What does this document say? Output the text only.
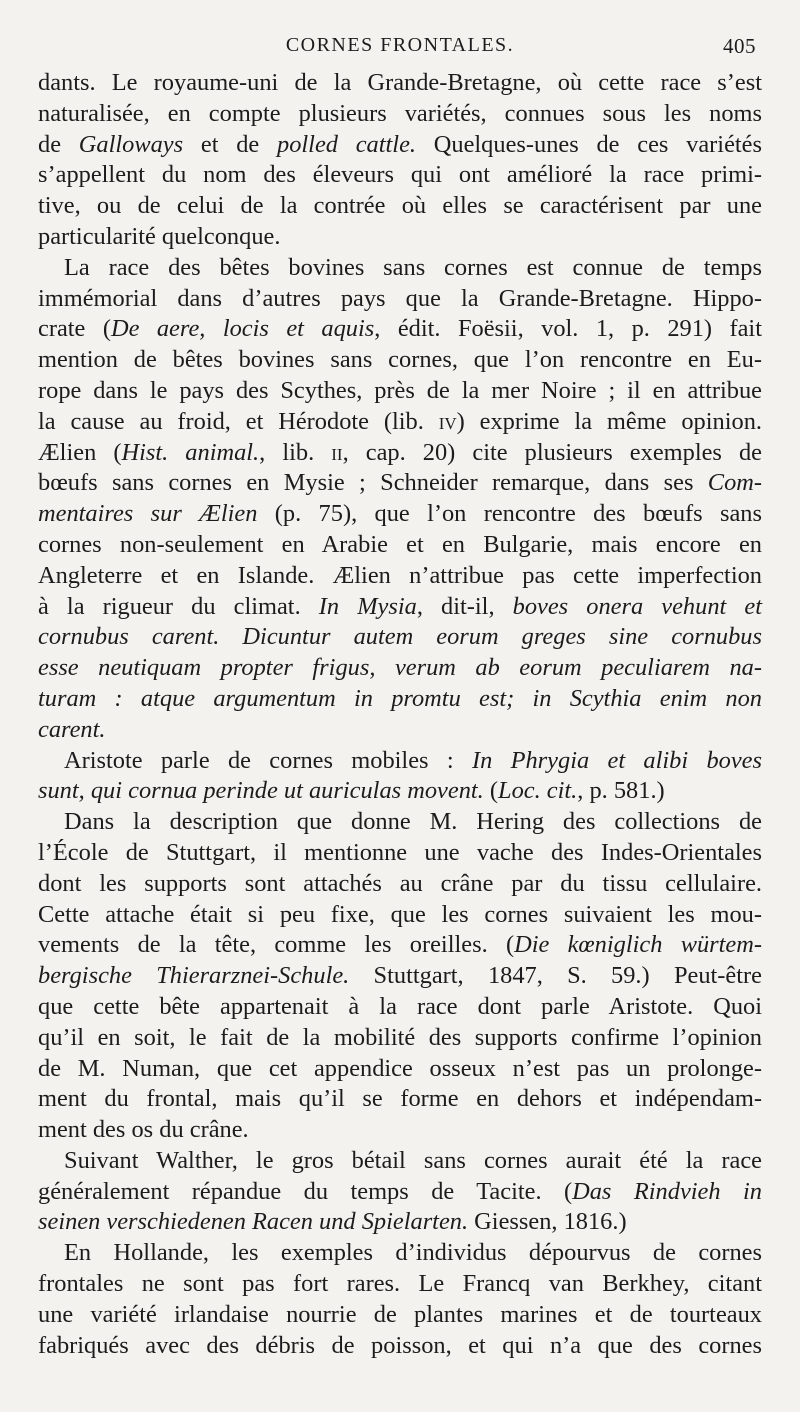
CORNES FRONTALES.	405
dants. Le royaume-uni de la Grande-Bretagne, où cette race s’est
naturalisée, en compte plusieurs variétés, connues sous les noms
de Galloways et de polled cattle. Quelques-unes de ces variétés
s’appellent du nom des éleveurs qui ont amélioré la race primi-
tive, ou de celui de la contrée où elles se caractérisent par une
particularité quelconque.
La race des bêtes bovines sans cornes est connue de temps
immémorial dans d’autres pays que la Grande-Bretagne. Hippo-
crate (De aere, locis et aquis, édit. Foësii, vol. 1, p. 291) fait
mention de bêtes bovines sans cornes, que l’on rencontre en Eu-
rope dans le pays des Scythes, près de la mer Noire ; il en attribue
la cause au froid, et Hérodote (lib. iv) exprime la même opinion.
Ælien (Hist. animal., lib. ii, cap. 20) cite plusieurs exemples de
bœufs sans cornes en Mysie ; Schneider remarque, dans ses Com-
mentaires sur Ælien (p. 75), que l’on rencontre des bœufs sans
cornes non-seulement en Arabie et en Bulgarie, mais encore en
Angleterre et en Islande. Ælien n’attribue pas cette imperfection
à la rigueur du climat. In Mysia, dit-il, boves onera vehunt et
cornubus carent. Dicuntur autem eorum greges sine cornubus
esse neutiquam propter frigus, verum ab eorum peculiarem na-
turam : atque argumentum in promtu est; in Scythia enim non
carent.
Aristote parle de cornes mobiles : In Phrygia et alibi boves
sunt, qui cornua perinde ut auriculas movent. (Loc. cit., p. 581.)
Dans la description que donne M. Hering des collections de
l’École de Stuttgart, il mentionne une vache des Indes-Orientales
dont les supports sont attachés au crâne par du tissu cellulaire.
Cette attache était si peu fixe, que les cornes suivaient les mou-
vements de la tête, comme les oreilles. (Die kœniglich würtem-
bergische Thierarznei-Schule. Stuttgart, 1847, S. 59.) Peut-être
que cette bête appartenait à la race dont parle Aristote. Quoi
qu’il en soit, le fait de la mobilité des supports confirme l’opinion
de M. Numan, que cet appendice osseux n’est pas un prolonge-
ment du frontal, mais qu’il se forme en dehors et indépendam-
ment des os du crâne.
Suivant Walther, le gros bétail sans cornes aurait été la race
généralement répandue du temps de Tacite. (Das Rindvieh in
seinen verschiedenen Racen und Spielarten. Giessen, 1816.)
En Hollande, les exemples d’individus dépourvus de cornes
frontales ne sont pas fort rares. Le Francq van Berkhey, citant
une variété irlandaise nourrie de plantes marines et de tourteaux
fabriqués avec des débris de poisson, et qui n’a que des cornes
